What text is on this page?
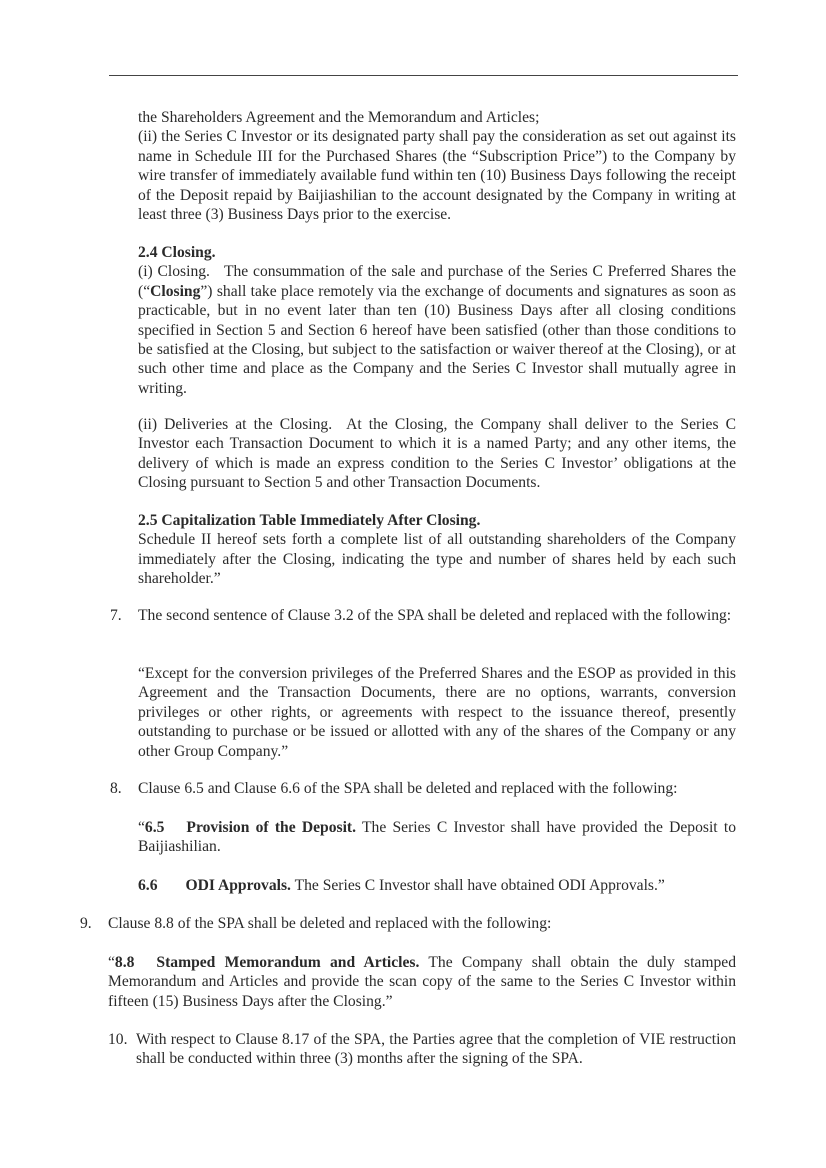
the Shareholders Agreement and the Memorandum and Articles;

(ii) the Series C Investor or its designated party shall pay the consideration as set out against its name in Schedule III for the Purchased Shares (the “Subscription Price”) to the Company by wire transfer of immediately available fund within ten (10) Business Days following the receipt of the Deposit repaid by Baijiashilian to the account designated by the Company in writing at least three (3) Business Days prior to the exercise.

2.4 Closing.

(i) Closing. The consummation of the sale and purchase of the Series C Preferred Shares the (“Closing”) shall take place remotely via the exchange of documents and signatures as soon as practicable, but in no event later than ten (10) Business Days after all closing conditions specified in Section 5 and Section 6 hereof have been satisfied (other than those conditions to be satisfied at the Closing, but subject to the satisfaction or waiver thereof at the Closing), or at such other time and place as the Company and the Series C Investor shall mutually agree in writing.

(ii) Deliveries at the Closing. At the Closing, the Company shall deliver to the Series C Investor each Transaction Document to which it is a named Party; and any other items, the delivery of which is made an express condition to the Series C Investor’ obligations at the Closing pursuant to Section 5 and other Transaction Documents.

2.5 Capitalization Table Immediately After Closing.

Schedule II hereof sets forth a complete list of all outstanding shareholders of the Company immediately after the Closing, indicating the type and number of shares held by each such shareholder.”

7. The second sentence of Clause 3.2 of the SPA shall be deleted and replaced with the following:

“Except for the conversion privileges of the Preferred Shares and the ESOP as provided in this Agreement and the Transaction Documents, there are no options, warrants, conversion privileges or other rights, or agreements with respect to the issuance thereof, presently outstanding to purchase or be issued or allotted with any of the shares of the Company or any other Group Company.”

8. Clause 6.5 and Clause 6.6 of the SPA shall be deleted and replaced with the following:

“6.5 Provision of the Deposit. The Series C Investor shall have provided the Deposit to Baijiashilian.

6.6 ODI Approvals. The Series C Investor shall have obtained ODI Approvals.”

9. Clause 8.8 of the SPA shall be deleted and replaced with the following:

“8.8 Stamped Memorandum and Articles. The Company shall obtain the duly stamped Memorandum and Articles and provide the scan copy of the same to the Series C Investor within fifteen (15) Business Days after the Closing.”

10. With respect to Clause 8.17 of the SPA, the Parties agree that the completion of VIE restruction shall be conducted within three (3) months after the signing of the SPA.
